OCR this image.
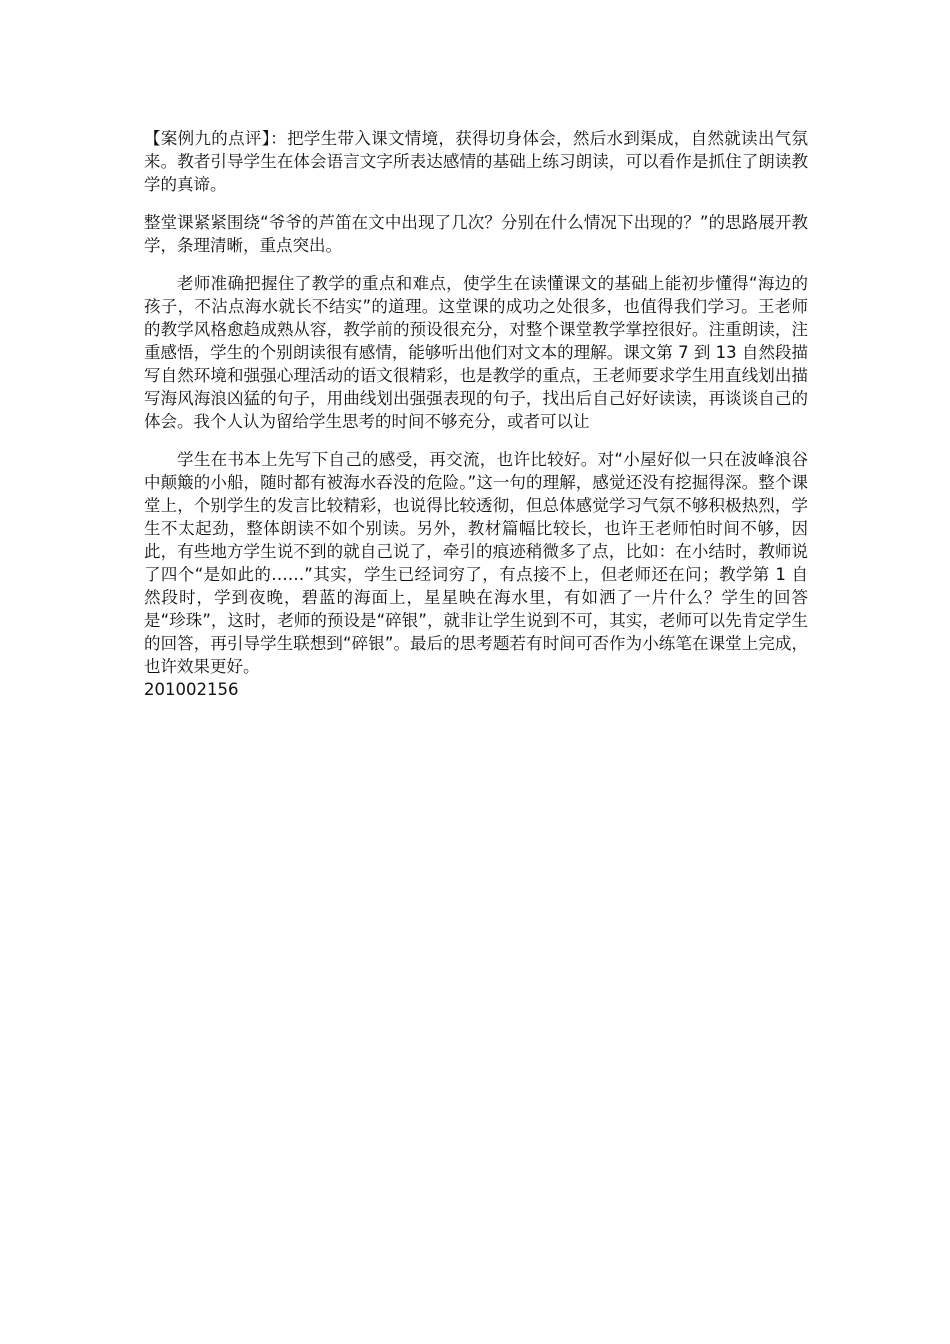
【案例九的点评】：把学生带入课文情境，获得切身体会，然后水到渠成，自然就读出气氛来。教者引导学生在体会语言文字所表达感情的基础上练习朗读，可以看作是抓住了朗读教学的真谛。

整堂课紧紧围绕“爷爷的芦笛在文中出现了几次？分别在什么情况下出现的？”的思路展开教学，条理清晰，重点突出。

老师准确把握住了教学的重点和难点，使学生在读懂课文的基础上能初步懂得“海边的孩子，不沾点海水就长不结实”的道理。这堂课的成功之处很多，也值得我们学习。王老师的教学风格愈趋成熟从容，教学前的预设很充分，对整个课堂教学掌控很好。注重朗读，注重感悟，学生的个别朗读很有感情，能够听出他们对文本的理解。课文第 7 到 13 自然段描写自然环境和强强心理活动的语文很精彩，也是教学的重点，王老师要求学生用直线划出描写海风海浪凶猛的句子，用曲线划出强强表现的句子，找出后自己好好读读，再谈谈自己的体会。我个人认为留给学生思考的时间不够充分，或者可以让

学生在书本上先写下自己的感受，再交流，也许比较好。对“小屋好似一只在波峰浪谷中颠簸的小船，随时都有被海水吞没的危险。”这一句的理解，感觉还没有挖掘得深。整个课堂上，个别学生的发言比较精彩，也说得比较透彻，但总体感觉学习气氛不够积极热烈，学生不太起劲，整体朗读不如个别读。另外，教材篇幅比较长，也许王老师怕时间不够，因此，有些地方学生说不到的就自己说了，牵引的痕迹稍微多了点，比如：在小结时，教师说了四个“是如此的……”其实，学生已经词穷了，有点接不上，但老师还在问；教学第 1 自然段时，学到夜晚，碧蓝的海面上，星星映在海水里，有如洒了一片什么？学生的回答是“珍珠”，这时，老师的预设是“碎银”，就非让学生说到不可，其实，老师可以先肯定学生的回答，再引导学生联想到“碎银”。最后的思考题若有时间可否作为小练笔在课堂上完成，也许效果更好。

201002156
